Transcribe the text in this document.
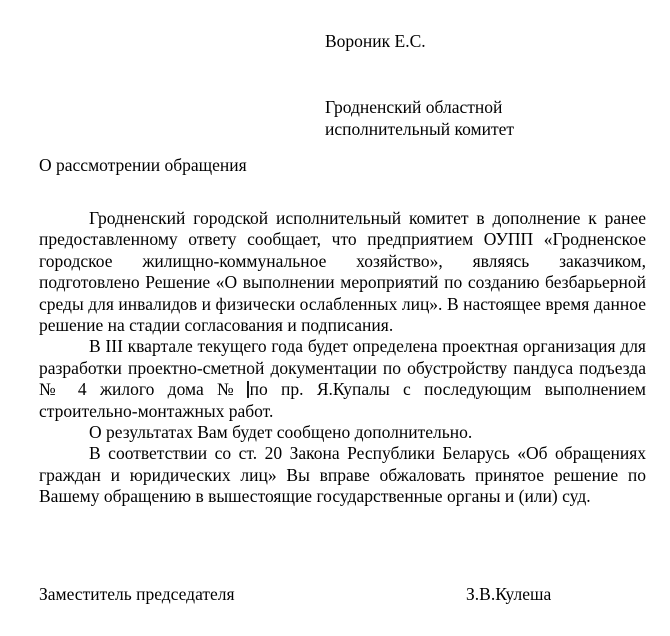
Вороник Е.С.
Гродненский областной
исполнительный комитет
О рассмотрении обращения

Гродненский городской исполнительный комитет в дополнение к ранее предоставленному ответу сообщает, что предприятием ОУПП «Гродненское городское жилищно-коммунальное хозяйство», являясь заказчиком, подготовлено Решение «О выполнении мероприятий по созданию безбарьерной среды для инвалидов и физически ослабленных лиц». В настоящее время данное решение на стадии согласования и подписания.

В III квартале текущего года будет определена проектная организация для разработки проектно-сметной документации по обустройству пандуса подъезда № 4 жилого дома № по пр. Я.Купалы с последующим выполнением строительно-монтажных работ.

О результатах Вам будет сообщено дополнительно.

В соответствии со ст. 20 Закона Республики Беларусь «Об обращениях граждан и юридических лиц» Вы вправе обжаловать принятое решение по Вашему обращению в вышестоящие государственные органы и (или) суд.

Заместитель председателя	З.В.Кулеша
